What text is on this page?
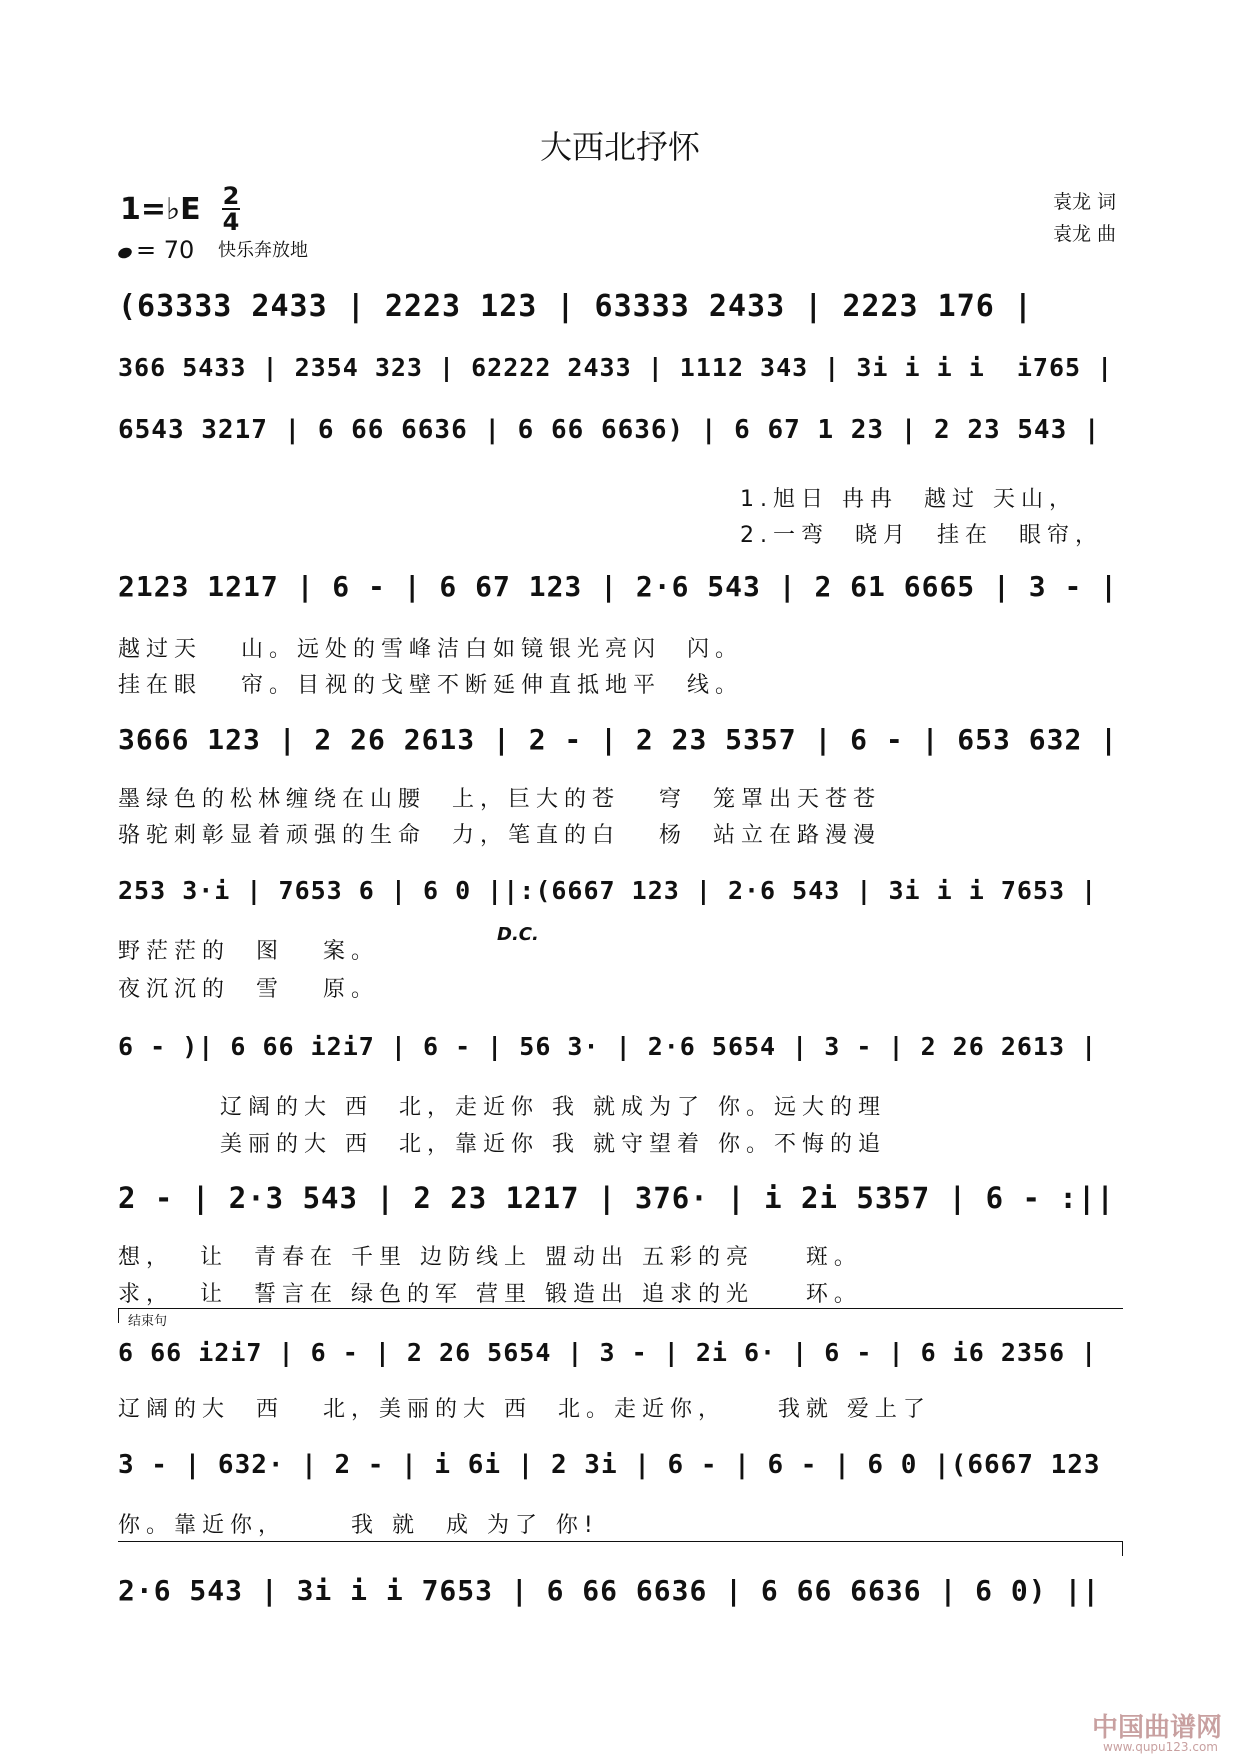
大西北抒怀
1=♭E 2
4
= 70 快乐奔放地
袁龙 词
袁龙 曲
(63333 2433 | 2223 123 | 63333 2433 | 2223 176 |
366 5433 | 2354 323 | 62222 2433 | 1112 343 | 3i i i i  i765 |
6543 3217 | 6 66 6636 | 6 66 6636) | 6 67 1 23 | 2 23 543 |
1.旭日 冉冉  越过 天山，
2.一弯  晓月  挂在  眼帘，
2123 1217 | 6 - | 6 67 123 | 2·6 543 | 2 61 6665 | 3 - |
越过天   山。远处的雪峰洁白如镜银光亮闪  闪。
挂在眼   帘。目视的戈壁不断延伸直抵地平  线。
3666 123 | 2 26 2613 | 2 - | 2 23 5357 | 6 - | 653 632 |
墨绿色的松林缠绕在山腰  上，巨大的苍   穹  笼罩出天苍苍
骆驼刺彰显着顽强的生命  力，笔直的白   杨  站立在路漫漫
253 3·i | 7653 6 | 6 0 ||:(6667 123 | 2·6 543 | 3i i i 7653 |
D.C.
野茫茫的  图   案。
夜沉沉的  雪   原。
6 - )| 6 66 i2i7 | 6 - | 56 3· | 2·6 5654 | 3 - | 2 26 2613 |
辽阔的大 西  北，走近你 我 就成为了 你。远大的理
美丽的大 西  北，靠近你 我 就守望着 你。不悔的追
2 - | 2·3 543 | 2 23 1217 | 376· | i 2i 5357 | 6 - :||
想，  让  青春在 千里 边防线上 盟动出 五彩的亮    斑。
求，  让  誓言在 绿色的军 营里 锻造出 追求的光    环。
结束句
6 66 i2i7 | 6 - | 2 26 5654 | 3 - | 2i 6· | 6 - | 6 i6 2356 |
辽阔的大  西   北，美丽的大 西  北。走近你，    我就 爱上了
3 - | 632· | 2 - | i 6i | 2 3i | 6 - | 6 - | 6 0 |(6667 123
你。靠近你，     我 就  成 为了 你!
2·6 543 | 3i i i 7653 | 6 66 6636 | 6 66 6636 | 6 0) ||
中国曲谱网
www.qupu123.com
